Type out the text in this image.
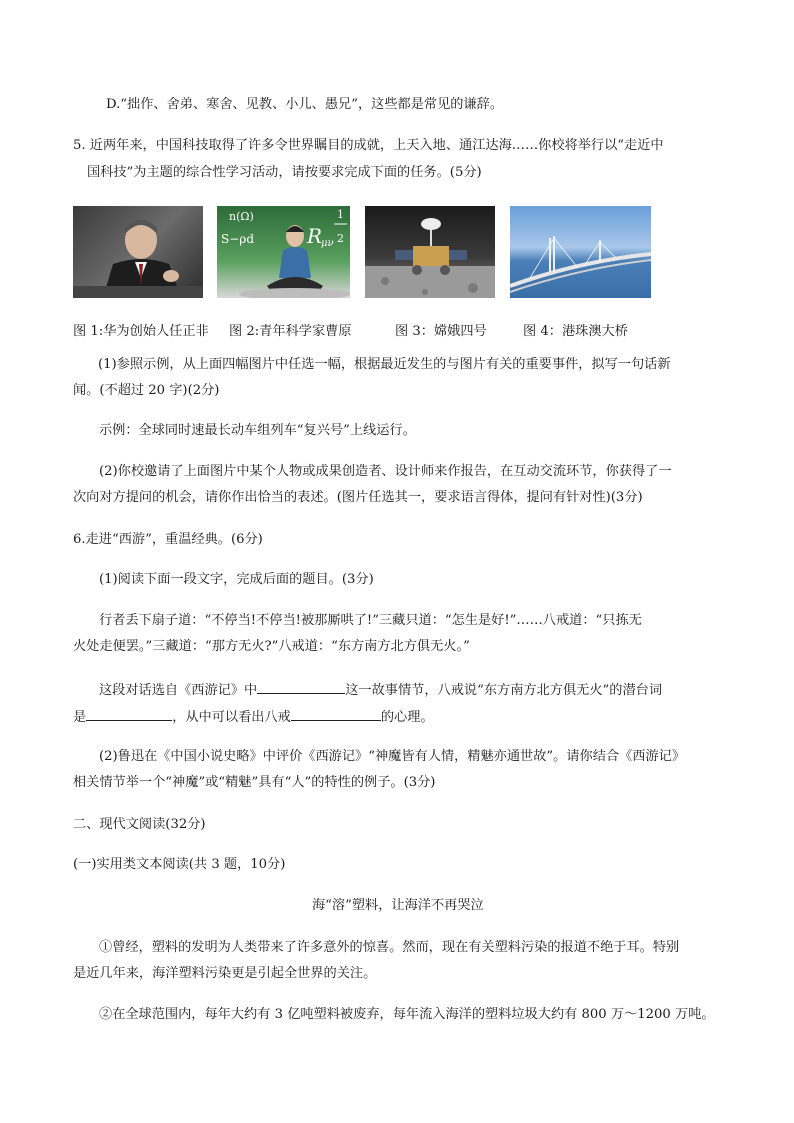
D.“拙作、舍弟、寒舍、见教、小儿、愚兄”，这些都是常见的谦辞。
5. 近两年来，中国科技取得了许多令世界瞩目的成就，上天入地、通江达海……你校将举行以“走近中
国科技”为主题的综合性学习活动，请按要求完成下面的任务。(5分)
n(Ω)
S−ρd	R
μν
1
2
图 1:华为创始人任正非 图 2:青年科学家曹原	图 3：嫦娥四号	图 4：港珠澳大桥
(1)参照示例，从上面四幅图片中任选一幅，根据最近发生的与图片有关的重要事件，拟写一句话新
闻。(不超过 20 字)(2分)
示例：全球同时速最长动车组列车“复兴号”上线运行。
(2)你校邀请了上面图片中某个人物或成果创造者、设计师来作报告，在互动交流环节，你获得了一
次向对方提问的机会，请你作出恰当的表述。(图片任选其一，要求语言得体，提问有针对性)(3分)
6.走进“西游”，重温经典。(6分)
(1)阅读下面一段文字，完成后面的题目。(3分)
行者丢下扇子道：“不停当!不停当!被那厮哄了!”三藏只道：“怎生是好!”……八戒道：“只拣无
火处走便罢。”三藏道：“那方无火?”八戒道：“东方南方北方俱无火。”
这段对话选自《西游记》中	这一故事情节，八戒说“东方南方北方俱无火”的潜台词
是	，从中可以看出八戒	的心理。
(2)鲁迅在《中国小说史略》中评价《西游记》“神魔皆有人情，精魅亦通世故”。请你结合《西游记》
相关情节举一个“神魔”或“精魅”具有“人”的特性的例子。(3分)
二、现代文阅读(32分)
(一)实用类文本阅读(共 3 题，10分)
海“溶”塑料，让海洋不再哭泣
①曾经，塑料的发明为人类带来了许多意外的惊喜。然而，现在有关塑料污染的报道不绝于耳。特别
是近几年来，海洋塑料污染更是引起全世界的关注。
②在全球范围内，每年大约有 3 亿吨塑料被废弃，每年流入海洋的塑料垃圾大约有 800 万～1200 万吨。
